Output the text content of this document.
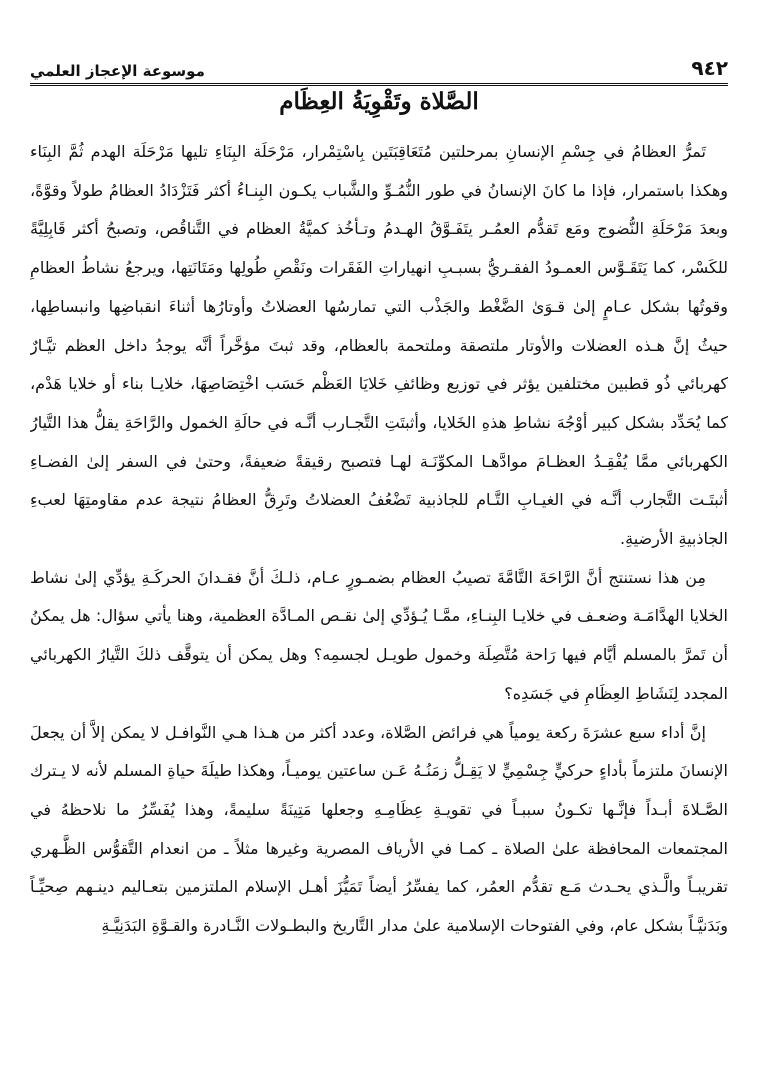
٩٤٢
موسوعة الإعجاز العلمي
الصَّلاة وتَقْوِيَةُ العِظَام

تَمرُّ العظامُ في جِسْمِ الإنسانِ بمرحلتين مُتَعَاقِبَتَين بِاسْتِمْرار، مَرْحَلَة البِنَاءِ تليها مَرْحَلَة الهدم ثُمَّ البِنَاء وهكذا باستمرار، فإذا ما كانَ الإنسانُ في طور النُّمُـوِّ والشَّباب يكـون البِنـاءُ أكثر فَتَزْدَادُ العظامُ طولاً وقوَّةً، وبعدَ مَرْحَلَةِ النُّضوج ومَع تَقدُّم العمُـر يتَفَـوَّقُ الهـدمُ وتـأخُذ كميَّةُ العظام في التَّناقُص، وتصبحُ أكثر قَابِلِيَّةً للكَسْر، كما يَتَقَـوَّس العمـودُ الفقـريُّ بسبـبِ انهياراتِ الفَقَرات ونَقْصِ طُولِها ومَتَانَتِها، ويرجعُ نشاطُ العظامِ وقوتُها بشكل عـامٍ إلىٰ قـوَىٰ الضَّغْط والجَذْب التي تمارسُها العضلاتُ وأوتارُها أثناءَ انقباضِها وانبساطِها، حيثُ إنَّ هـذه العضلات والأوتار ملتصقة وملتحمة بالعظام، وقد ثبتَ مؤخَّراً أنَّه يوجدُ داخل العظم تيَّـارٌ كهربائي ذُو قطبين مختلفين يؤثر في توزيع وظائفِ خَلايَا العَظْم حَسَب اخْتِصَاصِهَا، خلايـا بناء أو خلايا هَدْم، كما يُحَدِّد بشكل كبير أوْجُهَ نشاطِ هذهِ الخَلايا، وأثبتَتِ التَّجـارب أنَّـه في حالَةِ الخمول والرَّاحَةِ يقلُّ هذا التَّيارُ الكهربائي ممَّا يُفْقِـدُ العظـامَ موادَّهـا المكوِّنَـة لهـا فتصبح رقيقةً ضعيفةً، وحتىٰ في السفر إلىٰ الفضـاءِ أثبتَـت التَّجارب أنَّـه في الغيـابِ التَّـام للجاذبية تَضْعُفُ العضلاتُ وتَرِقُّ العظامُ نتيجة عدم مقاومتِهَا لعبءِ الجاذبيةِ الأرضيةِ.

مِن هذا نستنتج أنَّ الرَّاحَةَ التَّامَّةَ تصيبُ العظام بضمـورٍ عـام، ذلـكَ أنَّ فقـدانَ الحركَـةِ يؤدِّي إلىٰ نشاط الخلايا الهدَّامَـة وضعـف في خلايـا البِنـاءِ، ممَّـا يُـؤدِّي إلىٰ نقـص المـادَّة العظمية، وهنا يأتي سؤال: هل يمكنُ أن تَمرَّ بالمسلم أيَّام فيها رَاحة مُتَّصِلَة وخمول طويـل لجسمِه؟ وهل يمكن أن يتوقَّف ذلكَ التَّيارُ الكهربائي المجدد لِنَشَاطِ العِظَامِ في جَسَدِه؟

إنَّ أداء سبع عشرَةَ ركعة يومياً هي فرائض الصَّلاة، وعدد أكثر من هـذا هـي النَّوافـل لا يمكن إلاَّ أن يجعلَ الإنسانَ ملتزماً بأداءٍ حركيٍّ جِسْمِيٍّ لا يَقِـلُّ زمَنُـهُ عَـن ساعتين يوميـاً، وهكذا طيلَةَ حياةِ المسلم لأنه لا يـترك الصَّـلاةَ أبـداً فإنَّـها تكـونُ سببـاً في تقويـةِ عِظَامِـهِ وجعلها مَتِينَةً سليمةً، وهذا يُفَسِّرُ ما نلاحظهُ في المجتمعات المحافظة علىٰ الصلاة ـ كمـا في الأرياف المصرية وغيرها مثلاً ـ من انعدام التَّقوُّس الظَّـهري تقريبـاً والَّـذي يحـدث مَـع تقدُّم العمُر، كما يفسِّرُ أيضاً تَمَيُّزَ أهـل الإسلام الملتزمين بتعـاليم دينـهم صِحيِّـاً وبَدَنيَّـاً بشكل عام، وفي الفتوحات الإسلامية علىٰ مدار التَّاريخ والبطـولات النَّـادرة والقـوَّةِ البَدَنِيَّـةِ
